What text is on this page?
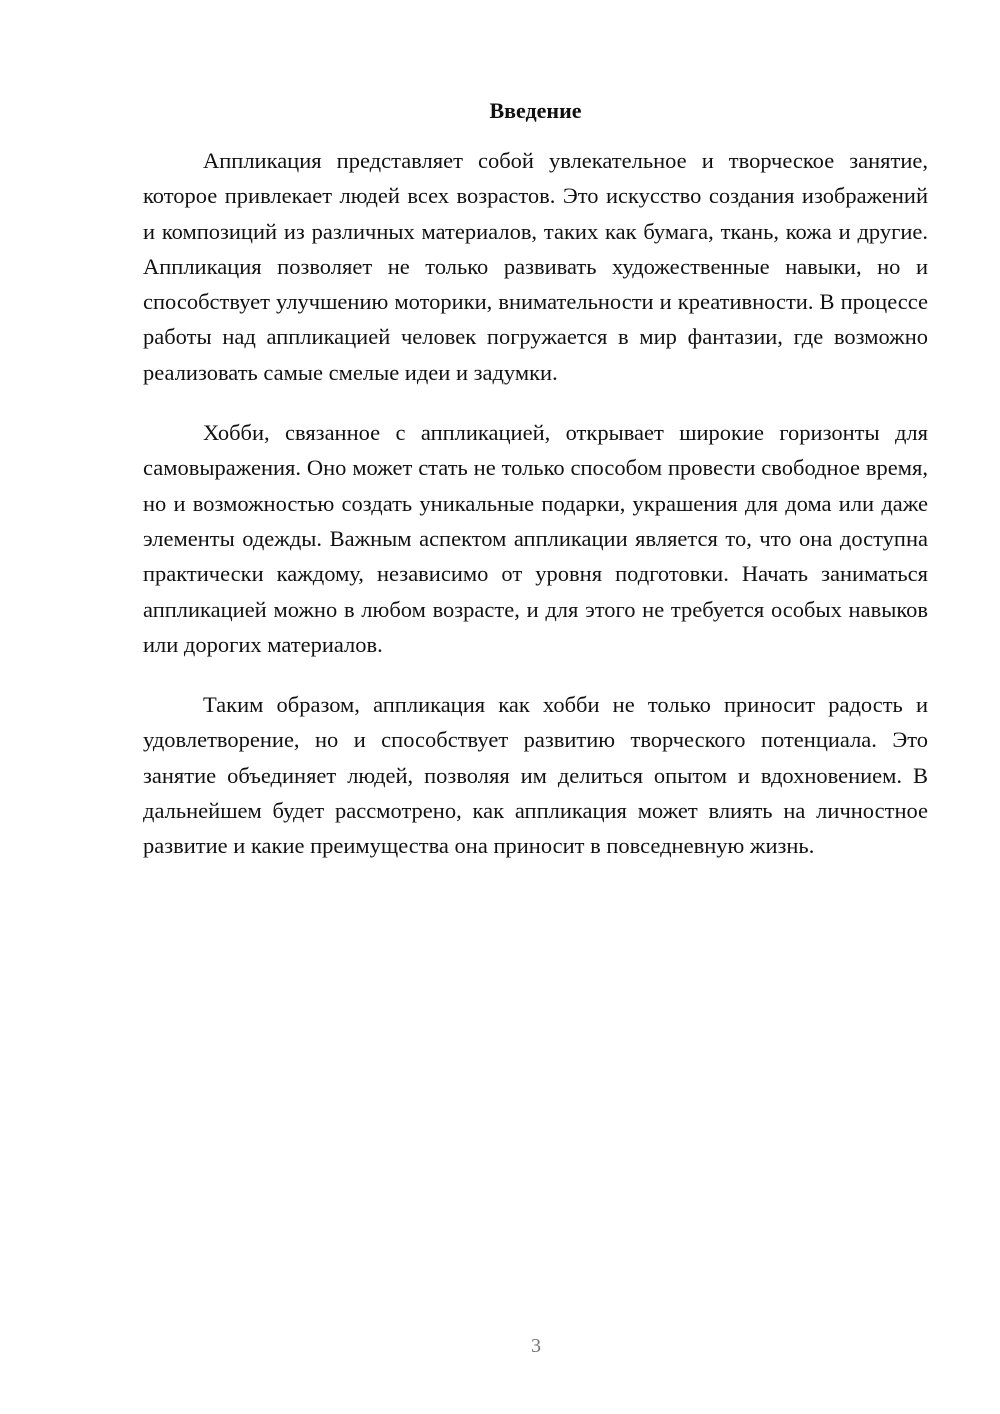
Введение

Аппликация представляет собой увлекательное и творческое занятие, которое привлекает людей всех возрастов. Это искусство создания изображений и композиций из различных материалов, таких как бумага, ткань, кожа и другие. Аппликация позволяет не только развивать художественные навыки, но и способствует улучшению моторики, внимательности и креативности. В процессе работы над аппликацией человек погружается в мир фантазии, где возможно реализовать самые смелые идеи и задумки.

Хобби, связанное с аппликацией, открывает широкие горизонты для самовыражения. Оно может стать не только способом провести свободное время, но и возможностью создать уникальные подарки, украшения для дома или даже элементы одежды. Важным аспектом аппликации является то, что она доступна практически каждому, независимо от уровня подготовки. Начать заниматься аппликацией можно в любом возрасте, и для этого не требуется особых навыков или дорогих материалов.

Таким образом, аппликация как хобби не только приносит радость и удовлетворение, но и способствует развитию творческого потенциала. Это занятие объединяет людей, позволяя им делиться опытом и вдохновением. В дальнейшем будет рассмотрено, как аппликация может влиять на личностное развитие и какие преимущества она приносит в повседневную жизнь.

3
